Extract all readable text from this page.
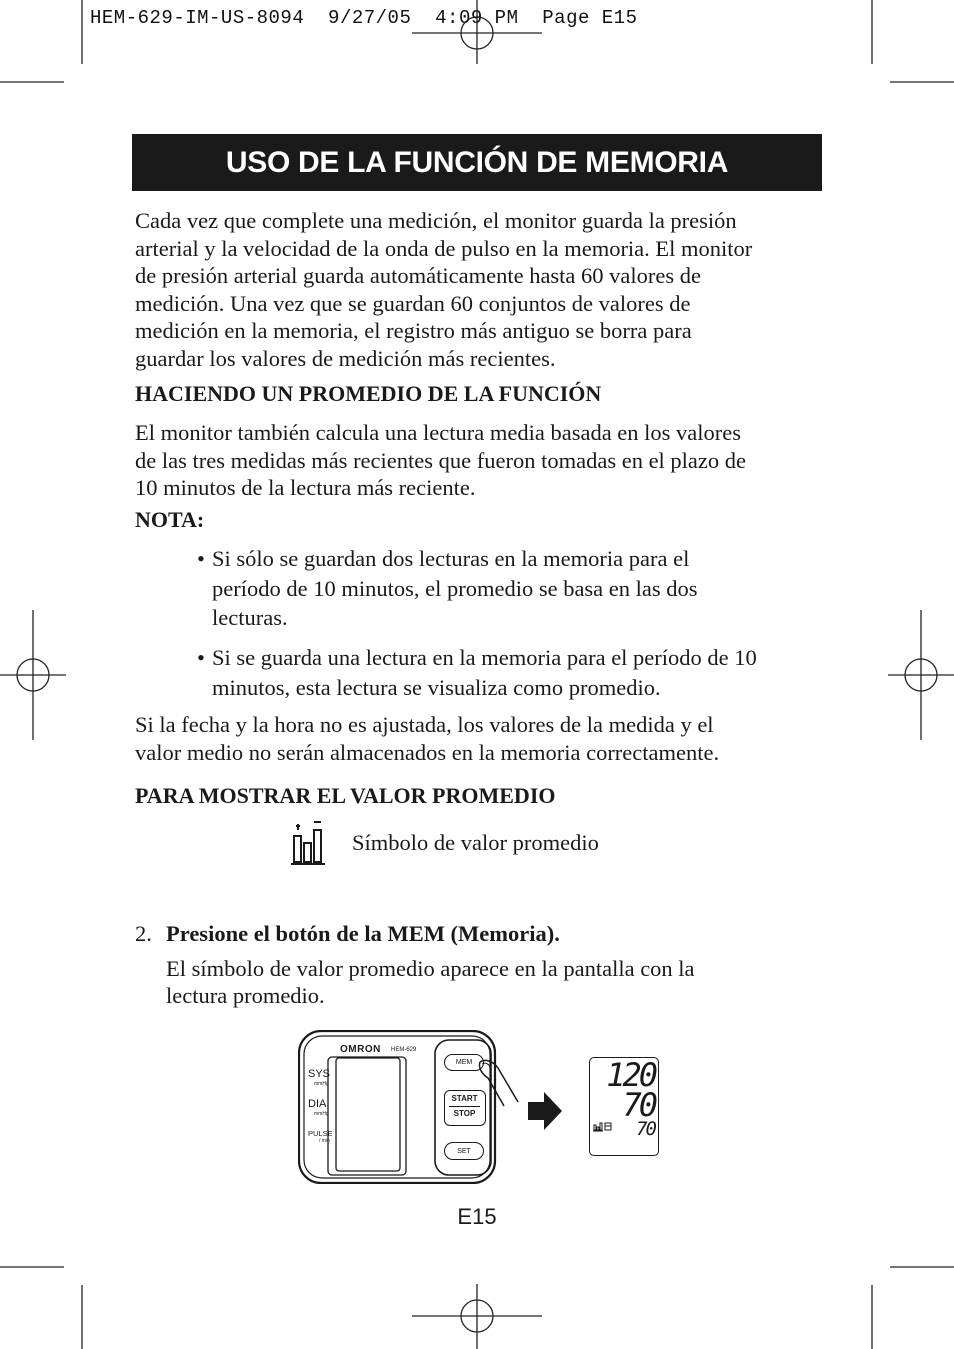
HEM-629-IM-US-8094  9/27/05  4:09 PM  Page E15
USO DE LA FUNCIÓN DE MEMORIA
Cada vez que complete una medición, el monitor guarda la presión
arterial y la velocidad de la onda de pulso en la memoria. El monitor
de presión arterial guarda automáticamente hasta 60 valores de
medición. Una vez que se guardan 60 conjuntos de valores de
medición en la memoria, el registro más antiguo se borra para
guardar los valores de medición más recientes.
HACIENDO UN PROMEDIO DE LA FUNCIÓN
El monitor también calcula una lectura media basada en los valores
de las tres medidas más recientes que fueron tomadas en el plazo de
10 minutos de la lectura más reciente.
NOTA:
• Si sólo se guardan dos lecturas en la memoria para el
período de 10 minutos, el promedio se basa en las dos
lecturas.
• Si se guarda una lectura en la memoria para el período de 10
minutos, esta lectura se visualiza como promedio.
Si la fecha y la hora no es ajustada, los valores de la medida y el
valor medio no serán almacenados en la memoria correctamente.
PARA MOSTRAR EL VALOR PROMEDIO
Símbolo de valor promedio
2. Presione el botón de la MEM (Memoria).
El símbolo de valor promedio aparece en la pantalla con la
lectura promedio.
OMRON HEM-629
SYS
mmHg
DIA
mmHg
PULSE
/ min
MEM
START
STOP
SET
120
70
70
E15
